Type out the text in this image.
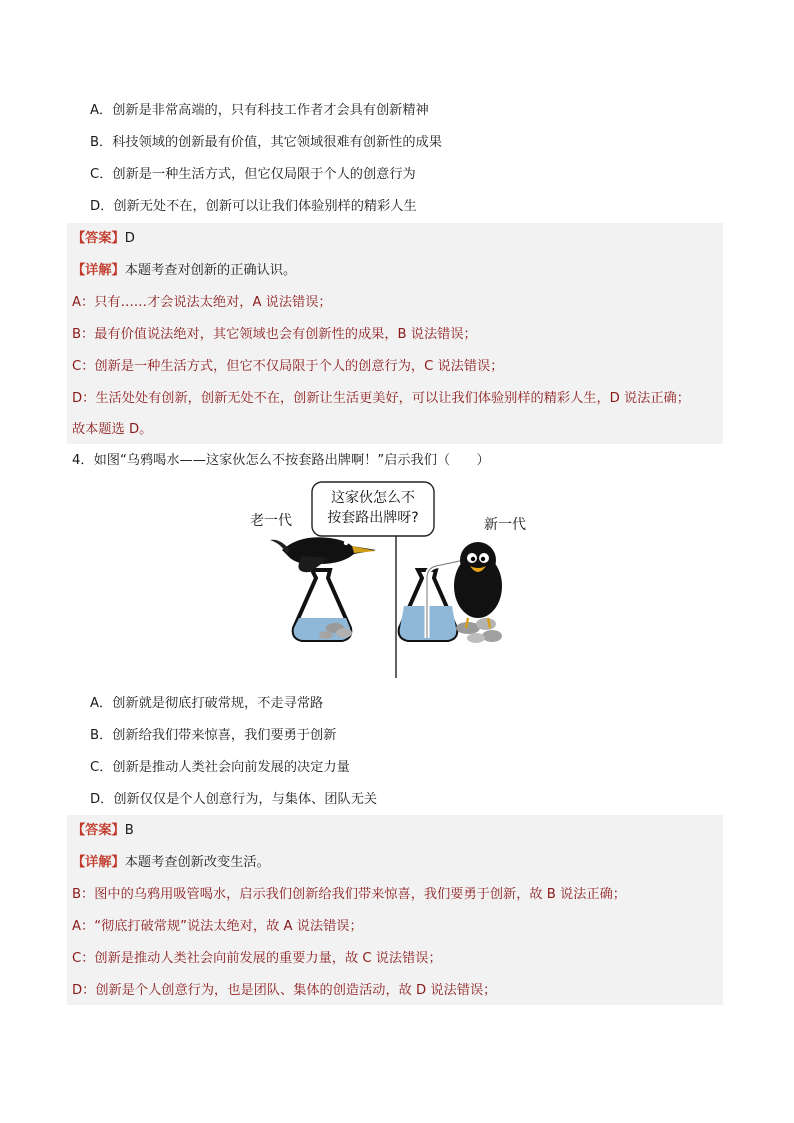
A．创新是非常高端的，只有科技工作者才会具有创新精神
B．科技领域的创新最有价值，其它领域很难有创新性的成果
C．创新是一种生活方式，但它仅局限于个人的创意行为
D．创新无处不在，创新可以让我们体验别样的精彩人生
【答案】D
【详解】本题考查对创新的正确认识。
A：只有……才会说法太绝对，A 说法错误；
B：最有价值说法绝对，其它领域也会有创新性的成果，B 说法错误；
C：创新是一种生活方式，但它不仅局限于个人的创意行为，C 说法错误；
D：生活处处有创新，创新无处不在，创新让生活更美好，可以让我们体验别样的精彩人生，D 说法正确；
故本题选 D。
4．如图“乌鸦喝水——这家伙怎么不按套路出牌啊！”启示我们（　　）
老一代	新一代
这家伙怎么不
按套路出牌呀?
A．创新就是彻底打破常规，不走寻常路
B．创新给我们带来惊喜，我们要勇于创新
C．创新是推动人类社会向前发展的决定力量
D．创新仅仅是个人创意行为，与集体、团队无关
【答案】B
【详解】本题考查创新改变生活。
B：图中的乌鸦用吸管喝水，启示我们创新给我们带来惊喜，我们要勇于创新，故 B 说法正确；
A：“彻底打破常规”说法太绝对，故 A 说法错误；
C：创新是推动人类社会向前发展的重要力量，故 C 说法错误；
D：创新是个人创意行为，也是团队、集体的创造活动，故 D 说法错误；
